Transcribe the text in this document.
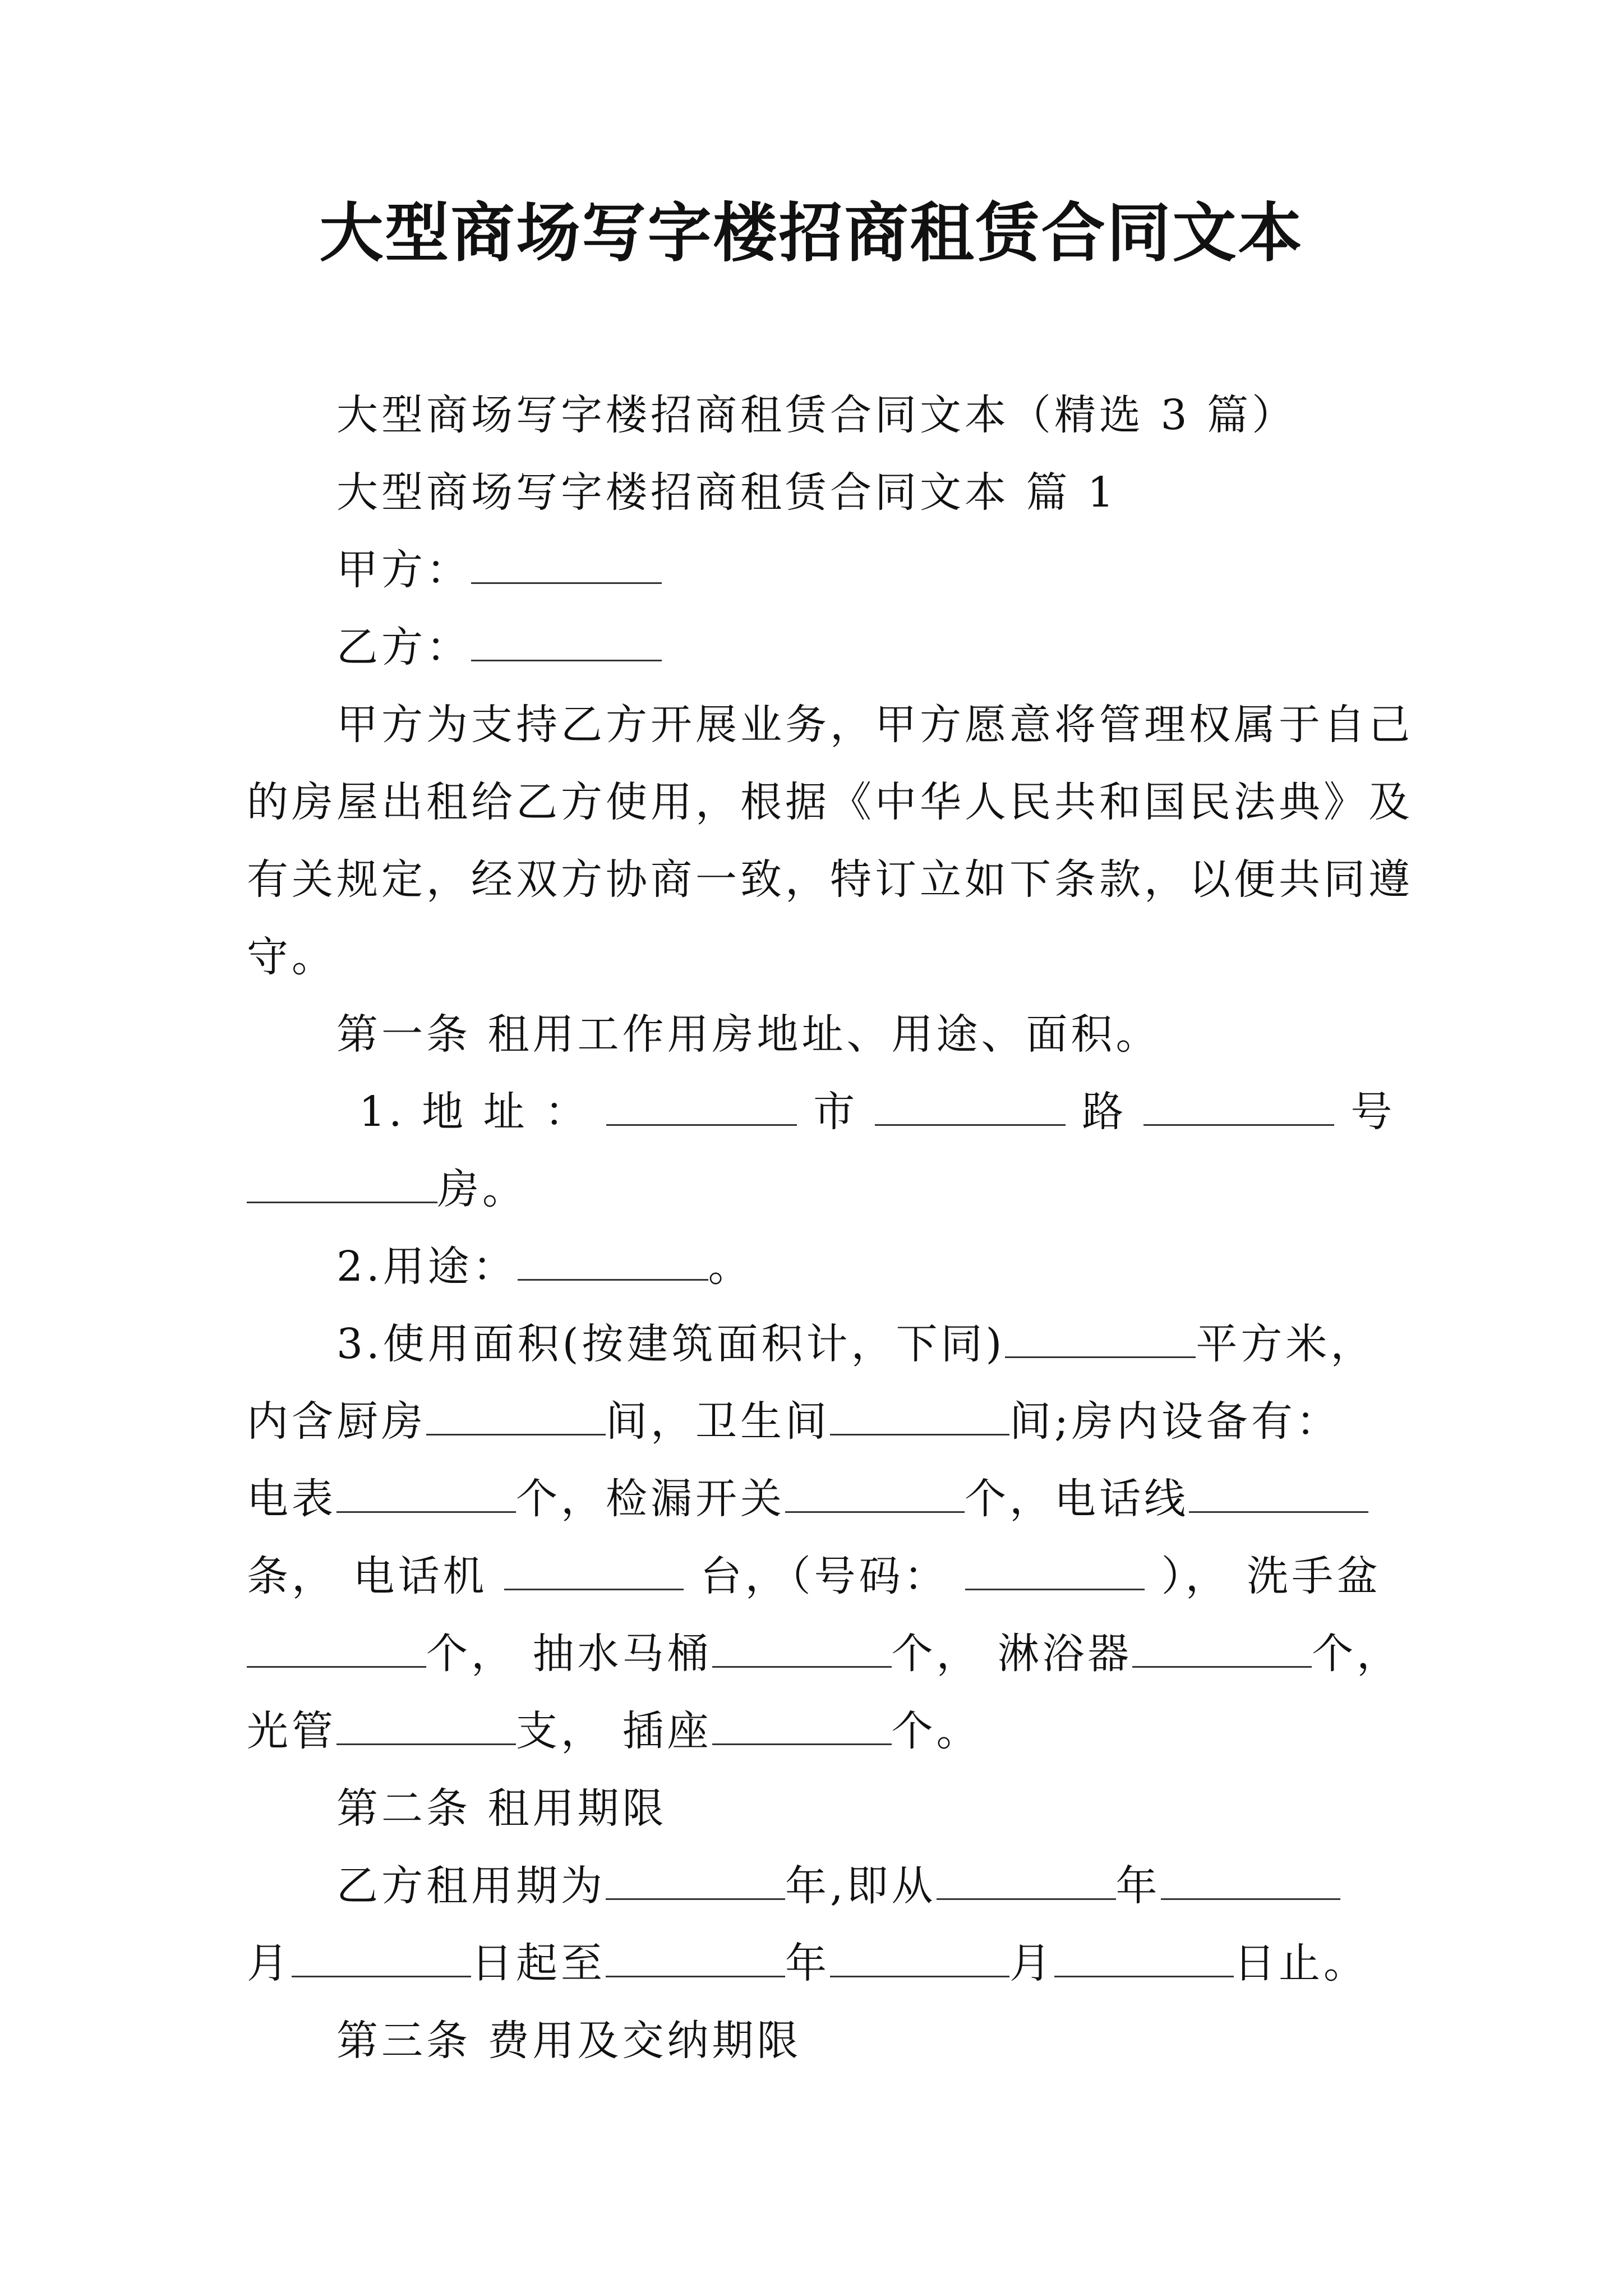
大型商场写字楼招商租赁合同文本
大型商场写字楼招商租赁合同文本（精选 3 篇）
大型商场写字楼招商租赁合同文本 篇 1
甲方：
乙方：
甲方为支持乙方开展业务，甲方愿意将管理权属于自己
的房屋出租给乙方使用，根据《中华人民共和国民法典》及
有关规定，经双方协商一致，特订立如下条款，以便共同遵
守。
第一条 租用工作用房地址、用途、面积。
1. 地 址 ：	市	路	号
房。
2.用途：	。
3.使用面积(按建筑面积计，下同)	平方米，
内含厨房	间，卫生间	间;房内设备有：
电表	个，检漏开关	个，电话线
条， 电话机	台，（号码：	）， 洗手盆
个， 抽水马桶	个， 淋浴器	个，
光管	支， 插座	个。
第二条 租用期限
乙方租用期为	年,即从	年
月	日起至	年	月	日止。
第三条 费用及交纳期限
